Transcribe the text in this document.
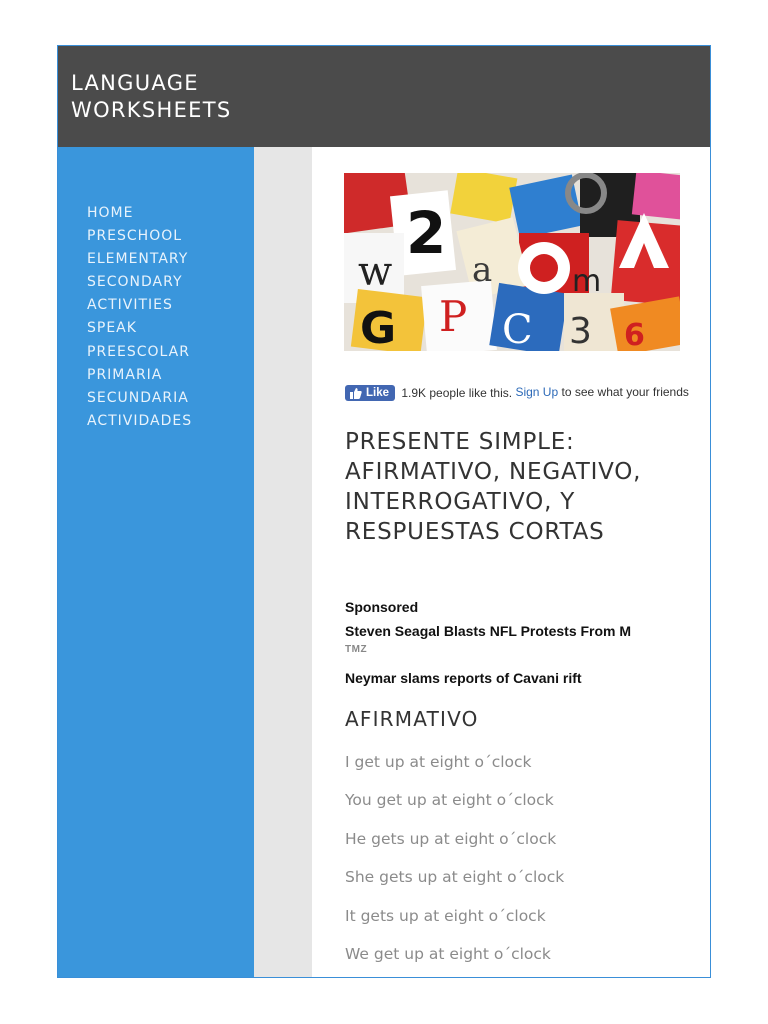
LANGUAGE
WORKSHEETS
HOME
PRESCHOOL
ELEMENTARY
SECONDARY
ACTIVITIES
SPEAK
PREESCOLAR
PRIMARIA
SECUNDARIA
ACTIVIDADES
2
w
P
G	C 3
a	m
6
Like 1.9K people like this. Sign Up to see what your friends
PRESENTE SIMPLE: AFIRMATIVO, NEGATIVO, INTERROGATIVO, Y RESPUESTAS CORTAS
Sponsored
Steven Seagal Blasts NFL Protests From M
TMZ
Neymar slams reports of Cavani rift
AFIRMATIVO
I get up at eight o´clock
You get up at eight o´clock
He gets up at eight o´clock
She gets up at eight o´clock
It gets up at eight o´clock
We get up at eight o´clock
